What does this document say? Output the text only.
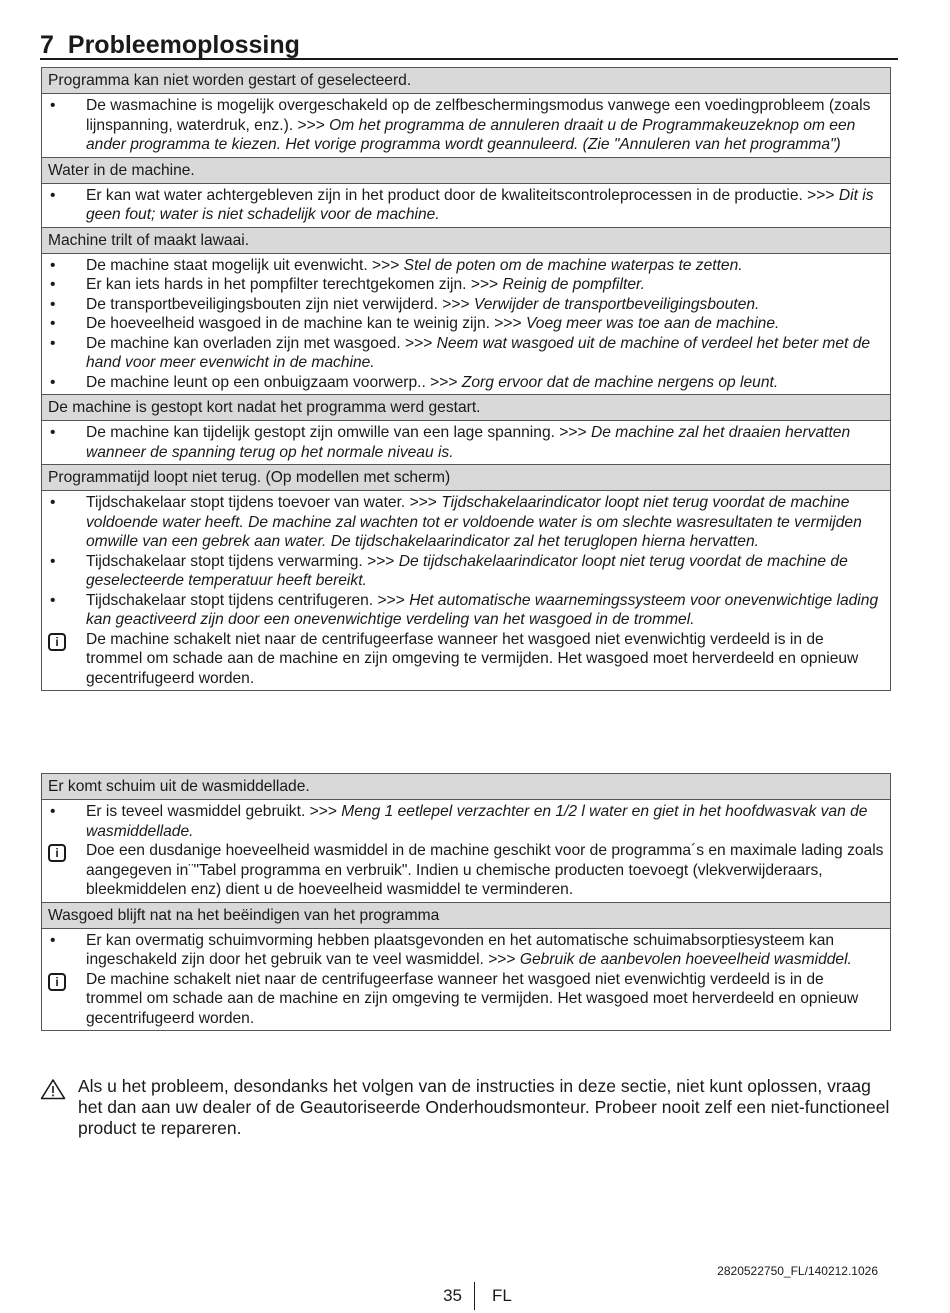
7 Probleemoplossing
Programma kan niet worden gestart of geselecteerd.
•	De wasmachine is mogelijk overgeschakeld op de zelfbeschermingsmodus vanwege een voedingprobleem (zoals lijnspanning, waterdruk, enz.). >>> Om het programma de annuleren draait u de Programmakeuzeknop om een ander programma te kiezen. Het vorige programma wordt geannuleerd. (Zie "Annuleren van het programma")
Water in de machine.
•	Er kan wat water achtergebleven zijn in het product door de kwaliteitscontroleprocessen in de productie. >>> Dit is geen fout; water is niet schadelijk voor de machine.
Machine trilt of maakt lawaai.
•	De machine staat mogelijk uit evenwicht. >>> Stel de poten om de machine waterpas te zetten.
•	Er kan iets hards in het pompfilter terechtgekomen zijn. >>> Reinig de pompfilter.
•	De transportbeveiligingsbouten zijn niet verwijderd. >>> Verwijder de transportbeveiligingsbouten.
•	De hoeveelheid wasgoed in de machine kan te weinig zijn. >>> Voeg meer was toe aan de machine.
•	De machine kan overladen zijn met wasgoed. >>> Neem wat wasgoed uit de machine of verdeel het beter met de hand voor meer evenwicht in de machine.
•	De machine leunt op een onbuigzaam voorwerp.. >>> Zorg ervoor dat de machine nergens op leunt.
De machine is gestopt kort nadat het programma werd gestart.
•	De machine kan tijdelijk gestopt zijn omwille van een lage spanning. >>> De machine zal het draaien hervatten wanneer de spanning terug op het normale niveau is.
Programmatijd loopt niet terug. (Op modellen met scherm)
•	Tijdschakelaar stopt tijdens toevoer van water. >>> Tijdschakelaarindicator loopt niet terug voordat de machine voldoende water heeft. De machine zal wachten tot er voldoende water is om slechte wasresultaten te vermijden omwille van een gebrek aan water. De tijdschakelaarindicator zal het teruglopen hierna hervatten.
•	Tijdschakelaar stopt tijdens verwarming. >>> De tijdschakelaarindicator loopt niet terug voordat de machine de geselecteerde temperatuur heeft bereikt.
•	Tijdschakelaar stopt tijdens centrifugeren. >>> Het automatische waarnemingssysteem voor onevenwichtige lading kan geactiveerd zijn door een onevenwichtige verdeling van het wasgoed in de trommel.
i	De machine schakelt niet naar de centrifugeerfase wanneer het wasgoed niet evenwichtig verdeeld is in de trommel om schade aan de machine en zijn omgeving te vermijden. Het wasgoed moet herverdeeld en opnieuw gecentrifugeerd worden.
Er komt schuim uit de wasmiddellade.
•	Er is teveel wasmiddel gebruikt. >>> Meng 1 eetlepel verzachter en 1/2 l water en giet in het hoofdwasvak van de wasmiddellade.
i	Doe een dusdanige hoeveelheid wasmiddel in de machine geschikt voor de programma´s en maximale lading zoals aangegeven in¨"Tabel programma en verbruik". Indien u chemische producten toevoegt (vlekverwijderaars, bleekmiddelen enz) dient u de hoeveelheid wasmiddel te verminderen.
Wasgoed blijft nat na het beëindigen van het programma
•	Er kan overmatig schuimvorming hebben plaatsgevonden en het automatische schuimabsorptiesysteem kan ingeschakeld zijn door het gebruik van te veel wasmiddel. >>> Gebruik de aanbevolen hoeveelheid wasmiddel.
i	De machine schakelt niet naar de centrifugeerfase wanneer het wasgoed niet evenwichtig verdeeld is in de trommel om schade aan de machine en zijn omgeving te vermijden. Het wasgoed moet herverdeeld en opnieuw gecentrifugeerd worden.
Als u het probleem, desondanks het volgen van de instructies in deze sectie, niet kunt oplossen, vraag het dan aan uw dealer of de Geautoriseerde Onderhoudsmonteur. Probeer nooit zelf een niet-functioneel product te repareren.
2820522750_FL/140212.1026
35 FL
